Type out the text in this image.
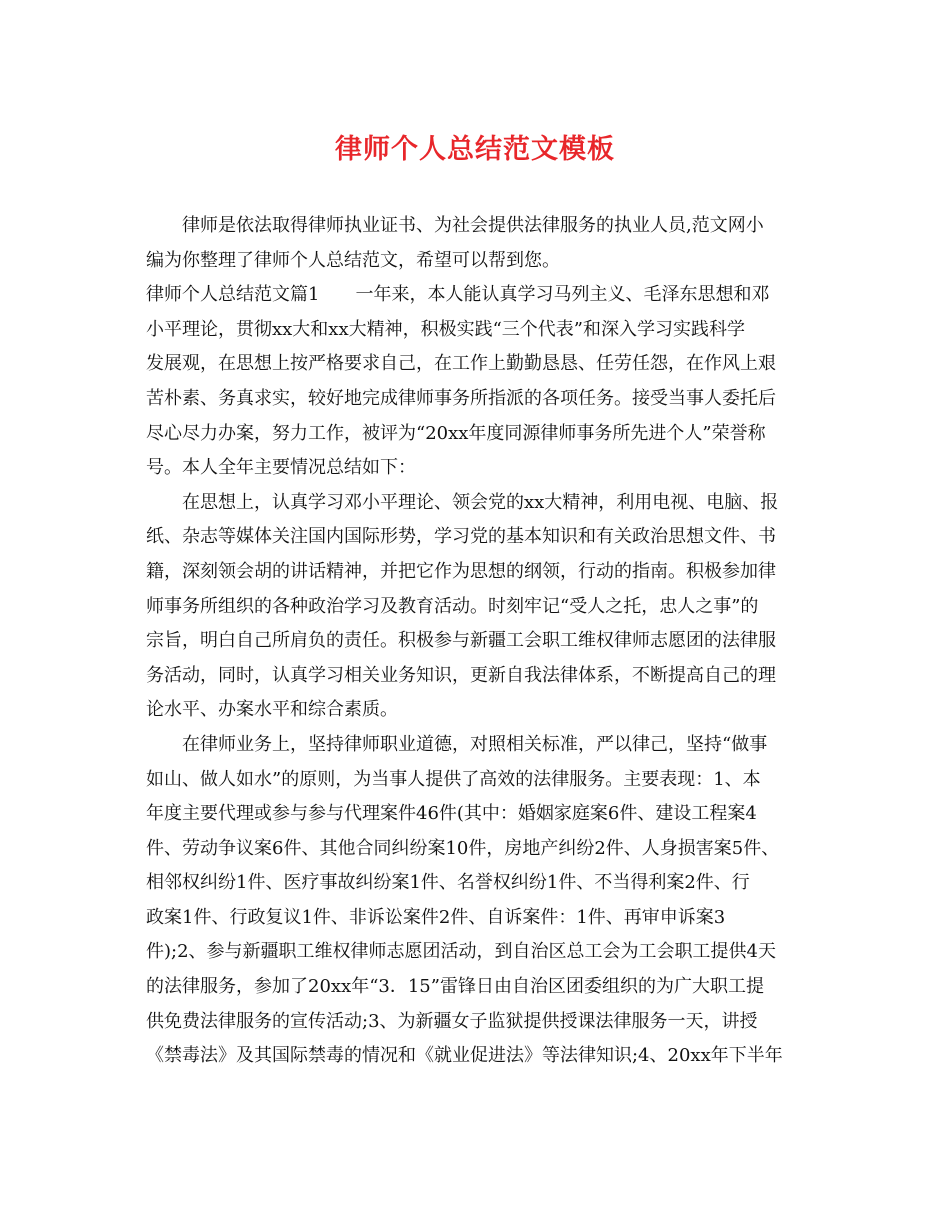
律师个人总结范文模板
　　律师是依法取得律师执业证书、为社会提供法律服务的执业人员,范文网小
编为你整理了律师个人总结范文，希望可以帮到您。
律师个人总结范文篇1　　一年来，本人能认真学习马列主义、毛泽东思想和邓
小平理论，贯彻xx大和xx大精神，积极实践“三个代表”和深入学习实践科学
发展观，在思想上按严格要求自己，在工作上勤勤恳恳、任劳任怨，在作风上艰
苦朴素、务真求实，较好地完成律师事务所指派的各项任务。接受当事人委托后
尽心尽力办案，努力工作，被评为“20xx年度同源律师事务所先进个人”荣誉称
号。本人全年主要情况总结如下：
　　在思想上，认真学习邓小平理论、领会党的xx大精神，利用电视、电脑、报
纸、杂志等媒体关注国内国际形势，学习党的基本知识和有关政治思想文件、书
籍，深刻领会胡的讲话精神，并把它作为思想的纲领，行动的指南。积极参加律
师事务所组织的各种政治学习及教育活动。时刻牢记“受人之托，忠人之事”的
宗旨，明白自己所肩负的责任。积极参与新疆工会职工维权律师志愿团的法律服
务活动，同时，认真学习相关业务知识，更新自我法律体系，不断提高自己的理
论水平、办案水平和综合素质。
　　在律师业务上，坚持律师职业道德，对照相关标准，严以律己，坚持“做事
如山、做人如水”的原则，为当事人提供了高效的法律服务。主要表现：1、本
年度主要代理或参与参与代理案件46件(其中：婚姻家庭案6件、建设工程案4
件、劳动争议案6件、其他合同纠纷案10件，房地产纠纷2件、人身损害案5件、
相邻权纠纷1件、医疗事故纠纷案1件、名誉权纠纷1件、不当得利案2件、行
政案1件、行政复议1件、非诉讼案件2件、自诉案件：1件、再审申诉案3
件);2、参与新疆职工维权律师志愿团活动，到自治区总工会为工会职工提供4天
的法律服务，参加了20xx年“3．15”雷锋日由自治区团委组织的为广大职工提
供免费法律服务的宣传活动;3、为新疆女子监狱提供授课法律服务一天，讲授
《禁毒法》及其国际禁毒的情况和《就业促进法》等法律知识;4、20xx年下半年
